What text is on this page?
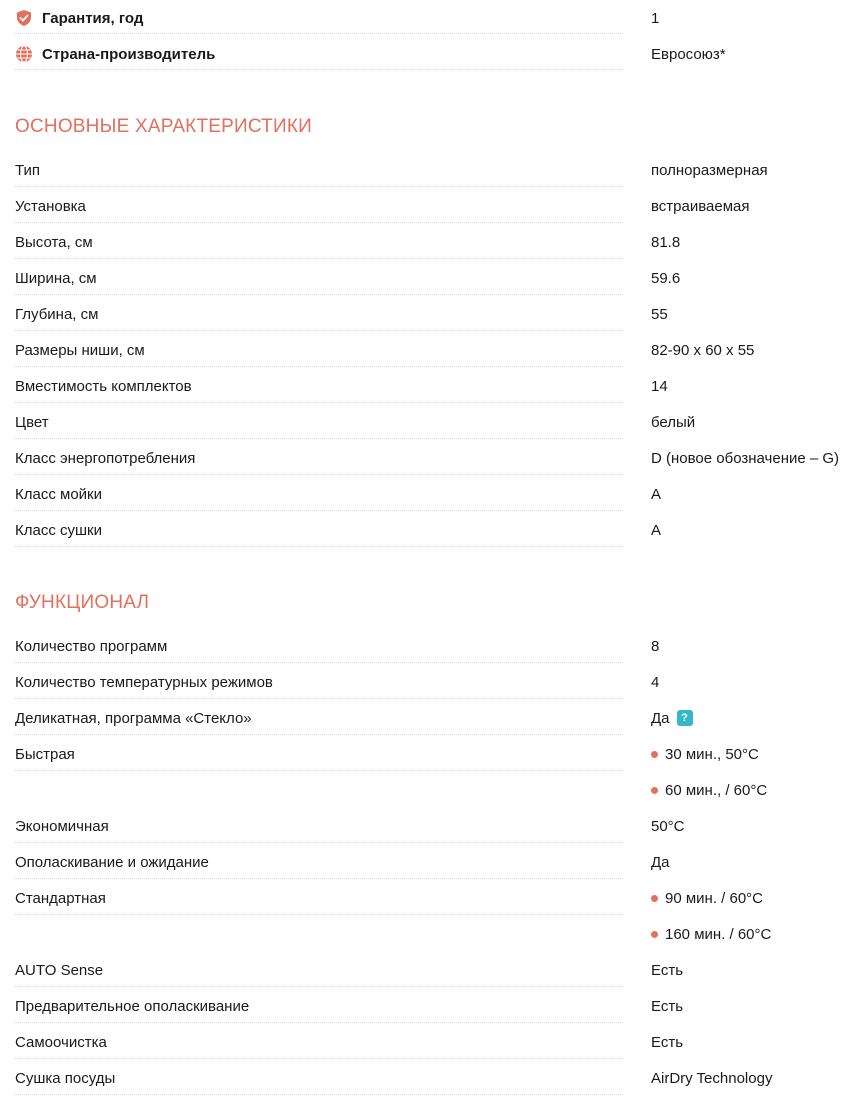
Гарантия, год	1
Страна-производитель	Евросоюз*
ОСНОВНЫЕ ХАРАКТЕРИСТИКИ
Тип	полноразмерная
Установка	встраиваемая
Высота, см	81.8
Ширина, см	59.6
Глубина, см	55
Размеры ниши, см	82-90 x 60 x 55
Вместимость комплектов	14
Цвет	белый
Класс энергопотребления	D (новое обозначение – G)
Класс мойки	A
Класс сушки	A
ФУНКЦИОНАЛ
Количество программ	8
Количество температурных режимов	4
Деликатная, программа «Стекло»	Да	?
Быстрая	30 мин., 50°C
60 мин., / 60°C
Экономичная	50°C
Ополаскивание и ожидание	Да
Стандартная	90 мин. / 60°C
160 мин. / 60°C
AUTO Sense	Есть
Предварительное ополаскивание	Есть
Самоочистка	Есть
Сушка посуды	AirDry Technology
